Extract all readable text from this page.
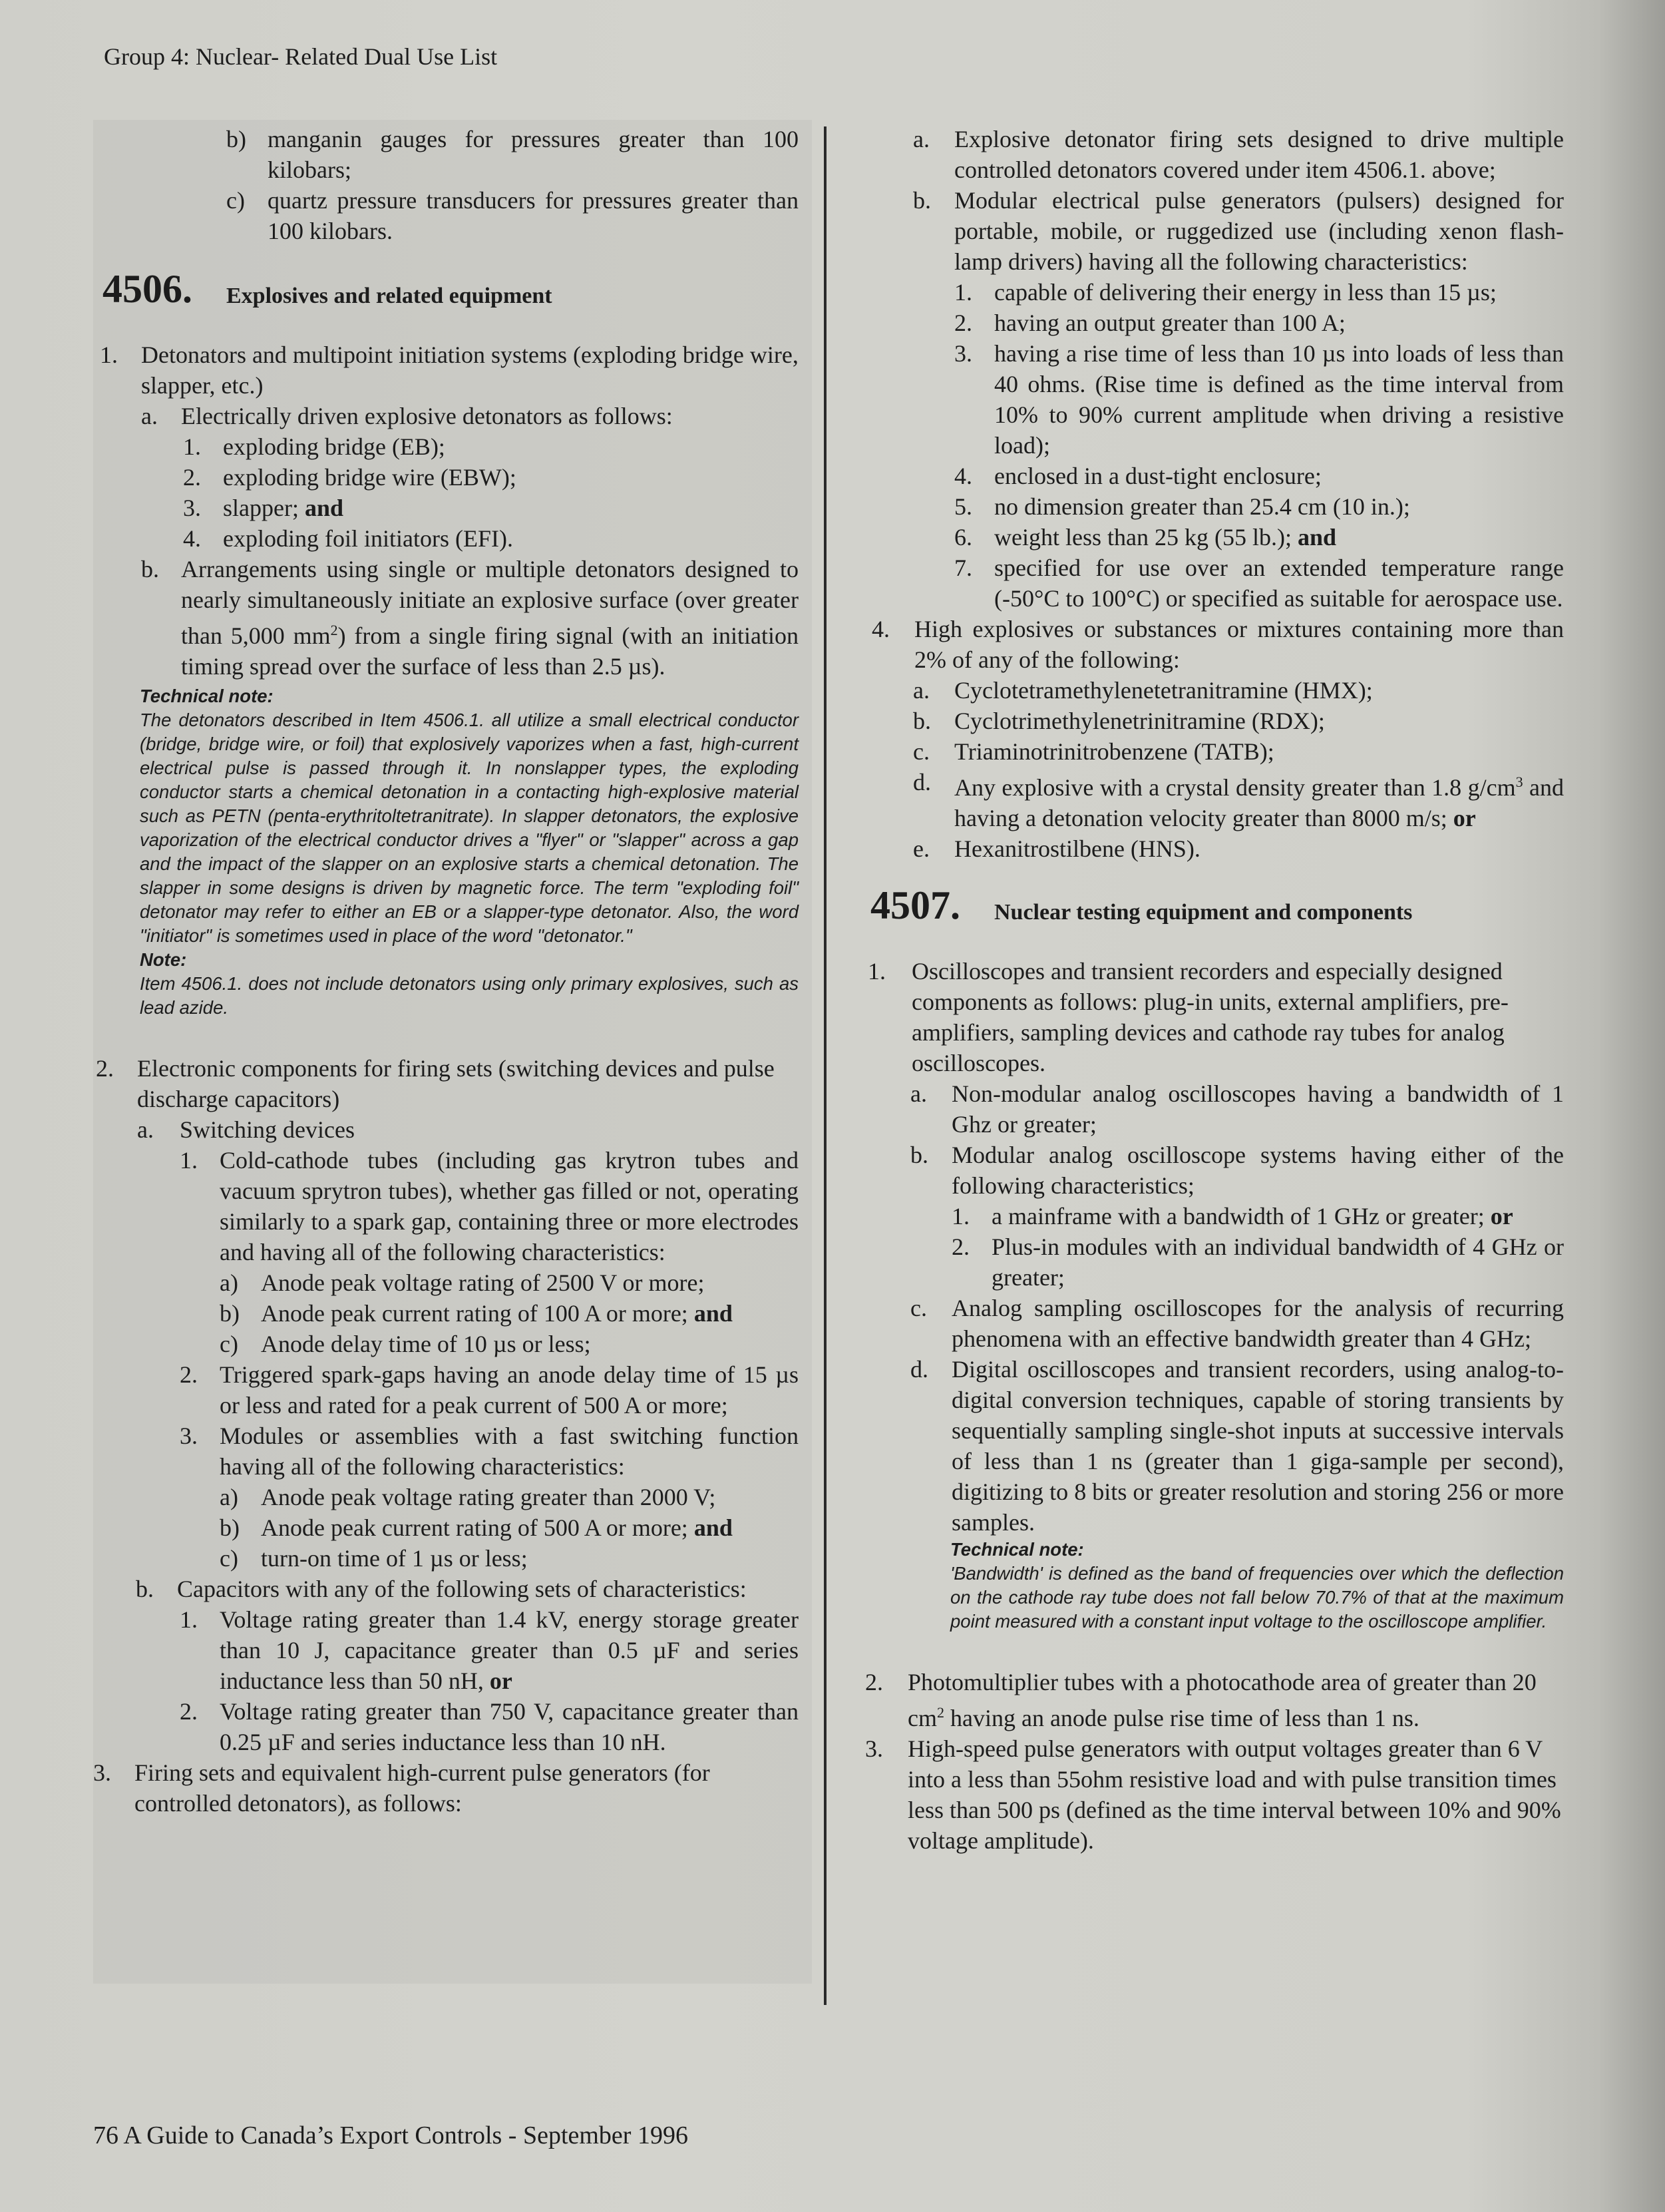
Group 4: Nuclear- Related Dual Use List
b) manganin gauges for pressures greater than 100 kilobars;

c) quartz pressure transducers for pressures greater than 100 kilobars.

4506. Explosives and related equipment
1. Detonators and multipoint initiation systems (exploding bridge wire, slapper, etc.)

a. Electrically driven explosive detonators as follows:

1. exploding bridge (EB);

2. exploding bridge wire (EBW);

3. slapper; and

4. exploding foil initiators (EFI).

b. Arrangements using single or multiple detonators designed to nearly simultaneously initiate an explosive surface (over greater than 5,000 $mm^2$) from a single firing signal (with an initiation timing spread over the surface of less than 2.5 µs).

Technical note:

The detonators described in Item 4506.1. all utilize a small electrical conductor (bridge, bridge wire, or foil) that explosively vaporizes when a fast, high-current electrical pulse is passed through it. In nonslapper types, the exploding conductor starts a chemical detonation in a contacting high-explosive material such as PETN (penta-erythritoltetranitrate). In slapper detonators, the explosive vaporization of the electrical conductor drives a "flyer" or "slapper" across a gap and the impact of the slapper on an explosive starts a chemical detonation. The slapper in some designs is driven by magnetic force. The term "exploding foil" detonator may refer to either an EB or a slapper-type detonator. Also, the word "initiator" is sometimes used in place of the word "detonator."

Note:

Item 4506.1. does not include detonators using only primary explosives, such as lead azide.

2. Electronic components for firing sets (switching devices and pulse discharge capacitors)

a. Switching devices

1. Cold-cathode tubes (including gas krytron tubes and vacuum sprytron tubes), whether gas filled or not, operating similarly to a spark gap, containing three or more electrodes and having all of the following characteristics:

a) Anode peak voltage rating of 2500 V or more;

b) Anode peak current rating of 100 A or more; and

c) Anode delay time of 10 µs or less;

2. Triggered spark-gaps having an anode delay time of 15 µs or less and rated for a peak current of 500 A or more;

3. Modules or assemblies with a fast switching function having all of the following characteristics:

a) Anode peak voltage rating greater than 2000 V;

b) Anode peak current rating of 500 A or more; and

c) turn-on time of 1 µs or less;

b. Capacitors with any of the following sets of characteristics:

1. Voltage rating greater than 1.4 kV, energy storage greater than 10 J, capacitance greater than 0.5 µF and series inductance less than 50 nH, or

2. Voltage rating greater than 750 V, capacitance greater than 0.25 µF and series inductance less than 10 nH.

3. Firing sets and equivalent high-current pulse generators (for controlled detonators), as follows:

a. Explosive detonator firing sets designed to drive multiple controlled detonators covered under item 4506.1. above;

b. Modular electrical pulse generators (pulsers) designed for portable, mobile, or ruggedized use (including xenon flash-lamp drivers) having all the following characteristics:

1. capable of delivering their energy in less than 15 µs;

2. having an output greater than 100 A;

3. having a rise time of less than 10 µs into loads of less than 40 ohms. (Rise time is defined as the time interval from 10% to 90% current amplitude when driving a resistive load);

4. enclosed in a dust-tight enclosure;

5. no dimension greater than 25.4 cm (10 in.);

6. weight less than 25 kg (55 lb.); and

7. specified for use over an extended temperature range (-50°C to 100°C) or specified as suitable for aerospace use.

4. High explosives or substances or mixtures containing more than 2% of any of the following:

a. Cyclotetramethylenetetranitramine (HMX);

b. Cyclotrimethylenetrinitramine (RDX);

c. Triaminotrinitrobenzene (TATB);

d. Any explosive with a crystal density greater than 1.8 $g/cm^3$ and having a detonation velocity greater than 8000 m/s; or

e. Hexanitrostilbene (HNS).

4507. Nuclear testing equipment and components
1. Oscilloscopes and transient recorders and especially designed components as follows: plug-in units, external amplifiers, pre-amplifiers, sampling devices and cathode ray tubes for analog oscilloscopes.

a. Non-modular analog oscilloscopes having a bandwidth of 1 Ghz or greater;

b. Modular analog oscilloscope systems having either of the following characteristics;

1. a mainframe with a bandwidth of 1 GHz or greater; or

2. Plus-in modules with an individual bandwidth of 4 GHz or greater;

c. Analog sampling oscilloscopes for the analysis of recurring phenomena with an effective bandwidth greater than 4 GHz;

d. Digital oscilloscopes and transient recorders, using analog-to-digital conversion techniques, capable of storing transients by sequentially sampling single-shot inputs at successive intervals of less than 1 ns (greater than 1 giga-sample per second), digitizing to 8 bits or greater resolution and storing 256 or more samples.

Technical note:

'Bandwidth' is defined as the band of frequencies over which the deflection on the cathode ray tube does not fall below 70.7% of that at the maximum point measured with a constant input voltage to the oscilloscope amplifier.

2. Photomultiplier tubes with a photocathode area of greater than 20 $cm^2$ having an anode pulse rise time of less than 1 ns.

3. High-speed pulse generators with output voltages greater than 6 V into a less than 55ohm resistive load and with pulse transition times less than 500 ps (defined as the time interval between 10% and 90% voltage amplitude).

76 A Guide to Canada’s Export Controls - September 1996
